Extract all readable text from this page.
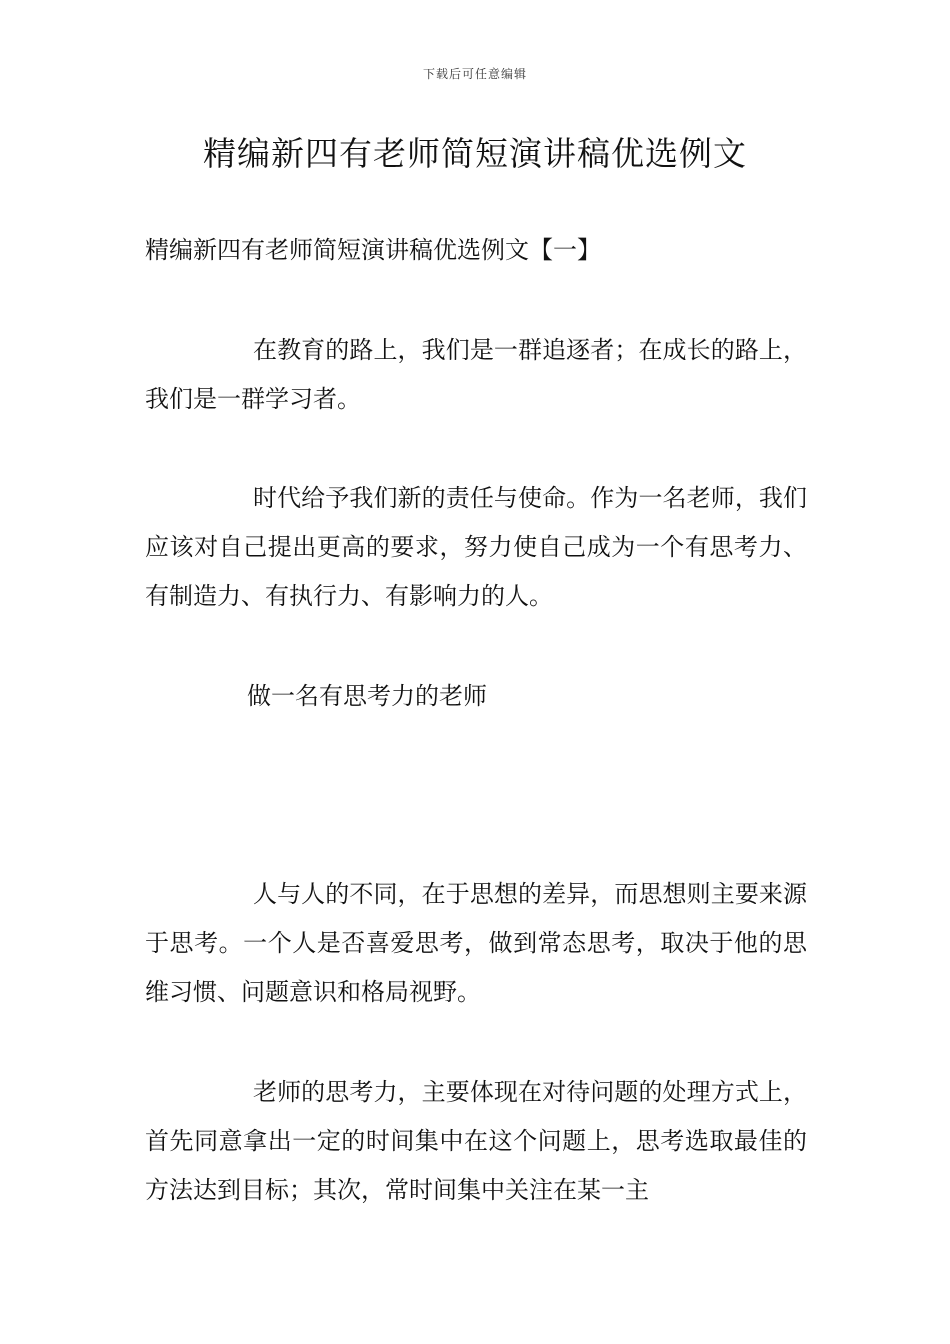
下载后可任意编辑
精编新四有老师简短演讲稿优选例文
精编新四有老师简短演讲稿优选例文【一】

在教育的路上，我们是一群追逐者；在成长的路上，我们是一群学习者。

时代给予我们新的责任与使命。作为一名老师，我们应该对自己提出更高的要求，努力使自己成为一个有思考力、有制造力、有执行力、有影响力的人。

做一名有思考力的老师

人与人的不同，在于思想的差异，而思想则主要来源于思考。一个人是否喜爱思考，做到常态思考，取决于他的思维习惯、问题意识和格局视野。

老师的思考力，主要体现在对待问题的处理方式上，首先同意拿出一定的时间集中在这个问题上，思考选取最佳的方法达到目标；其次，常时间集中关注在某一主
